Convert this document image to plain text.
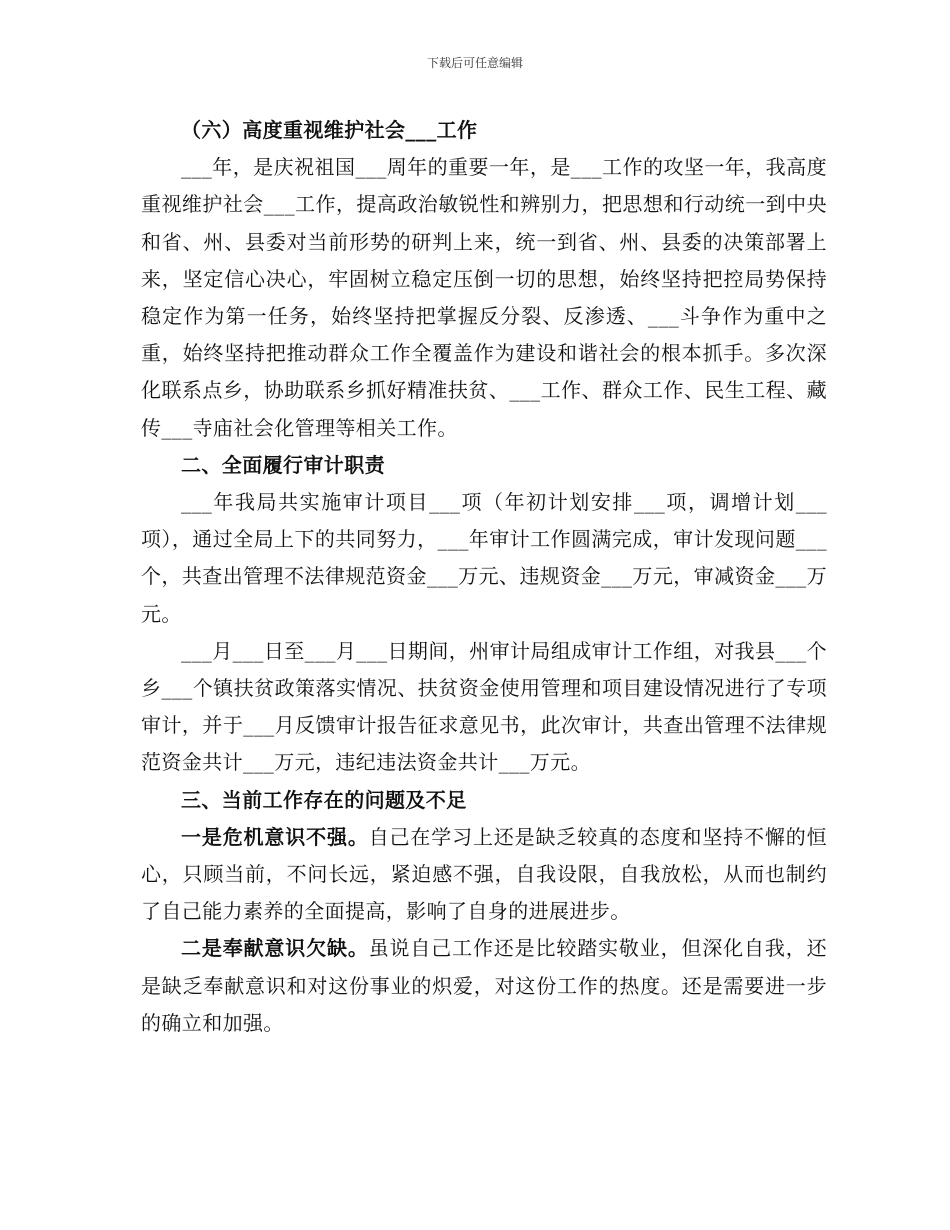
下载后可任意编辑

（六）高度重视维护社会___工作

___年，是庆祝祖国___周年的重要一年，是___工作的攻坚一年，我高度重视维护社会___工作，提高政治敏锐性和辨别力，把思想和行动统一到中央和省、州、县委对当前形势的研判上来，统一到省、州、县委的决策部署上来，坚定信心决心，牢固树立稳定压倒一切的思想，始终坚持把控局势保持稳定作为第一任务，始终坚持把掌握反分裂、反渗透、___斗争作为重中之重，始终坚持把推动群众工作全覆盖作为建设和谐社会的根本抓手。多次深化联系点乡，协助联系乡抓好精准扶贫、___工作、群众工作、民生工程、藏传___寺庙社会化管理等相关工作。

二、全面履行审计职责

___年我局共实施审计项目___项（年初计划安排___项，调增计划___项），通过全局上下的共同努力，___年审计工作圆满完成，审计发现问题___个，共查出管理不法律规范资金___万元、违规资金___万元，审减资金___万元。

___月___日至___月___日期间，州审计局组成审计工作组，对我县___个乡___个镇扶贫政策落实情况、扶贫资金使用管理和项目建设情况进行了专项审计，并于___月反馈审计报告征求意见书，此次审计，共查出管理不法律规范资金共计___万元，违纪违法资金共计___万元。

三、当前工作存在的问题及不足

一是危机意识不强。自己在学习上还是缺乏较真的态度和坚持不懈的恒心，只顾当前，不问长远，紧迫感不强，自我设限，自我放松，从而也制约了自己能力素养的全面提高，影响了自身的进展进步。

二是奉献意识欠缺。虽说自己工作还是比较踏实敬业，但深化自我，还是缺乏奉献意识和对这份事业的炽爱，对这份工作的热度。还是需要进一步的确立和加强。
